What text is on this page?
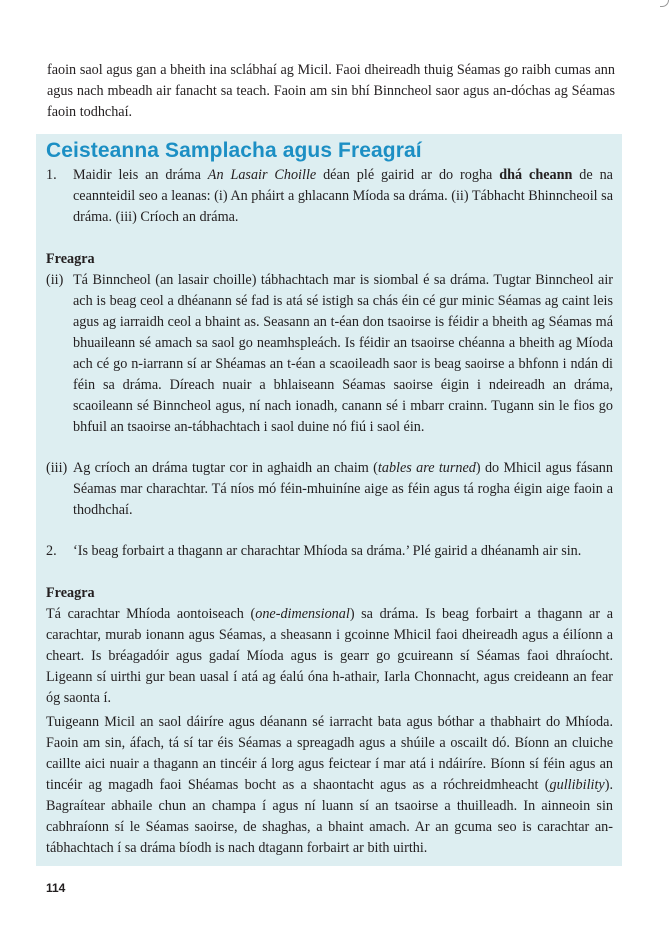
faoin saol agus gan a bheith ina sclábhaí ag Micil. Faoi dheireadh thuig Séamas go raibh cumas ann agus nach mbeadh air fanacht sa teach. Faoin am sin bhí Binncheol saor agus an-dóchas ag Séamas faoin todhchaí.

Ceisteanna Samplacha agus Freagraí
1. Maidir leis an dráma An Lasair Choille déan plé gairid ar do rogha dhá cheann de na ceannteidil seo a leanas: (i) An pháirt a ghlacann Míoda sa dráma. (ii) Tábhacht Bhinncheoil sa dráma. (iii) Críoch an dráma.
Freagra
(ii) Tá Binncheol (an lasair choille) tábhachtach mar is siombal é sa dráma. Tugtar Binncheol air ach is beag ceol a dhéanann sé fad is atá sé istigh sa chás éin cé gur minic Séamas ag caint leis agus ag iarraidh ceol a bhaint as. Seasann an t-éan don tsaoirse is féidir a bheith ag Séamas má bhuaileann sé amach sa saol go neamhspleách. Is féidir an tsaoirse chéanna a bheith ag Míoda ach cé go n-iarrann sí ar Shéamas an t-éan a scaoileadh saor is beag saoirse a bhfonn i ndán di féin sa dráma. Díreach nuair a bhlaiseann Séamas saoirse éigin i ndeireadh an dráma, scaoileann sé Binncheol agus, ní nach ionadh, canann sé i mbarr crainn. Tugann sin le fios go bhfuil an tsaoirse an-tábhachtach i saol duine nó fiú i saol éin.
(iii) Ag críoch an dráma tugtar cor in aghaidh an chaim (tables are turned) do Mhicil agus fásann Séamas mar charachtar. Tá níos mó féin-mhuiníne aige as féin agus tá rogha éigin aige faoin a thodhchaí.
2. ‘Is beag forbairt a thagann ar charachtar Mhíoda sa dráma.’ Plé gairid a dhéanamh air sin.
Freagra
Tá carachtar Mhíoda aontoiseach (one-dimensional) sa dráma. Is beag forbairt a thagann ar a carachtar, murab ionann agus Séamas, a sheasann i gcoinne Mhicil faoi dheireadh agus a éilíonn a cheart. Is bréagadóir agus gadaí Míoda agus is gearr go gcuireann sí Séamas faoi dhraíocht. Ligeann sí uirthi gur bean uasal í atá ag éalú óna h-athair, Iarla Chonnacht, agus creideann an fear óg saonta í.
Tuigeann Micil an saol dáiríre agus déanann sé iarracht bata agus bóthar a thabhairt do Mhíoda. Faoin am sin, áfach, tá sí tar éis Séamas a spreagadh agus a shúile a oscailt dó. Bíonn an cluiche caillte aici nuair a thagann an tincéir á lorg agus feictear í mar atá i ndáiríre. Bíonn sí féin agus an tincéir ag magadh faoi Shéamas bocht as a shaontacht agus as a róchreidmheacht (gullibility). Bagraítear abhaile chun an champa í agus ní luann sí an tsaoirse a thuilleadh. In ainneoin sin cabhraíonn sí le Séamas saoirse, de shaghas, a bhaint amach. Ar an gcuma seo is carachtar an-tábhachtach í sa dráma bíodh is nach dtagann forbairt ar bith uirthi.
114
